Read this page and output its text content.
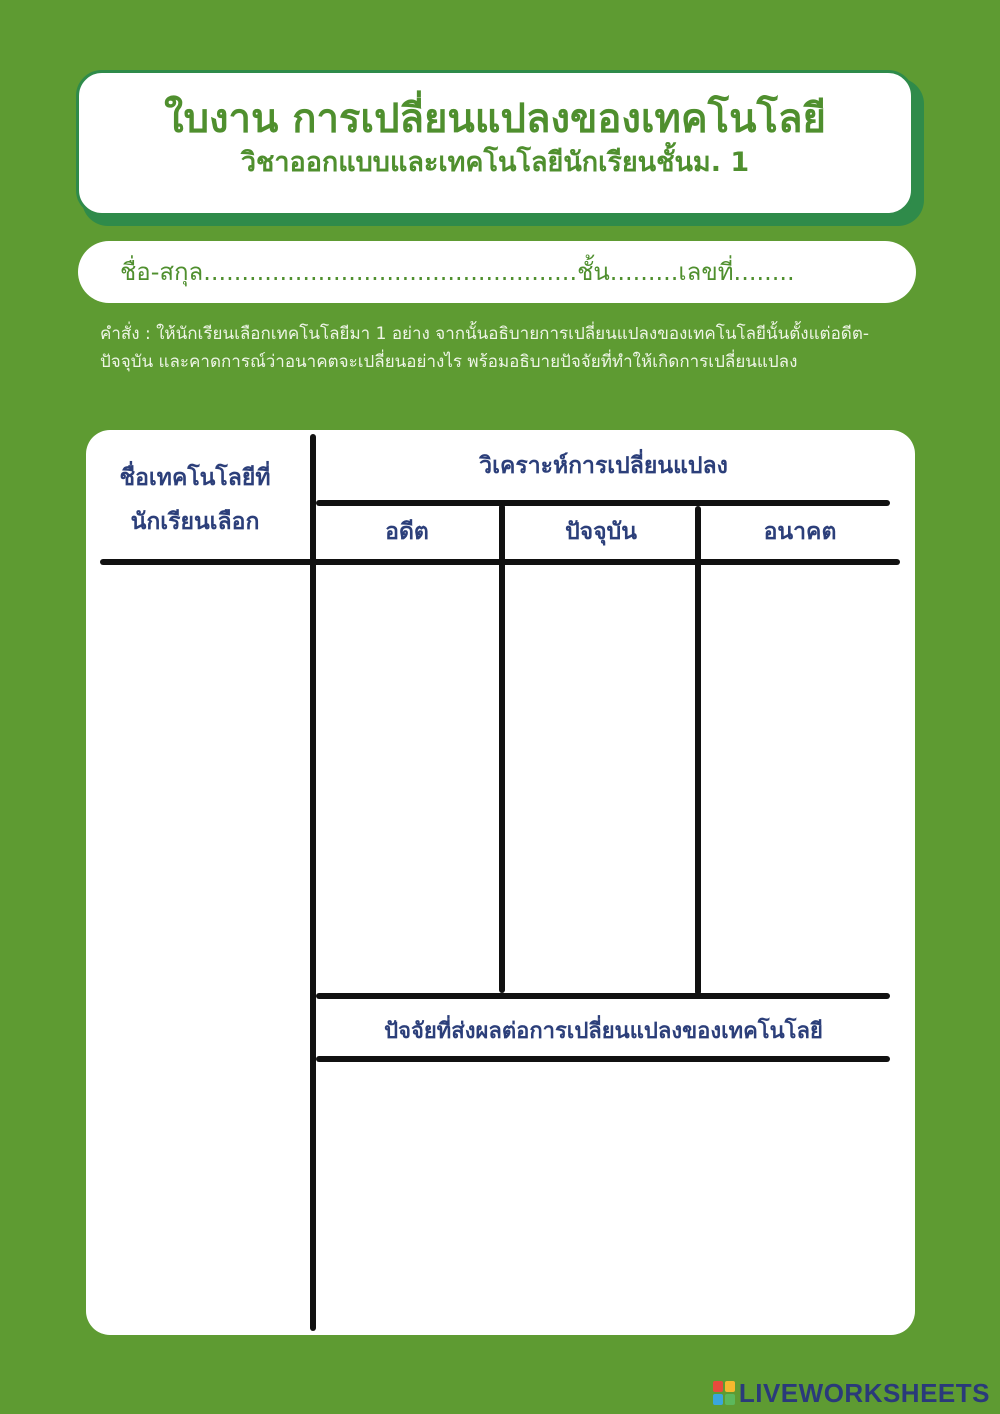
ใบงาน การเปลี่ยนแปลงของเทคโนโลยี
วิชาออกแบบและเทคโนโลยีนักเรียนชั้นม. 1
ชื่อ-สกุล.................................................ชั้น.........เลขที่........
คำสั่ง : ให้นักเรียนเลือกเทคโนโลยีมา 1 อย่าง จากนั้นอธิบายการเปลี่ยนแปลงของเทคโนโลยีนั้นตั้งแต่อดีต-ปัจจุบัน และคาดการณ์ว่าอนาคตจะเปลี่ยนอย่างไร พร้อมอธิบายปัจจัยที่ทำให้เกิดการเปลี่ยนแปลง
ชื่อเทคโนโลยีที่
นักเรียนเลือก
วิเคราะห์การเปลี่ยนแปลง
อดีต	ปัจจุบัน	อนาคต
ปัจจัยที่ส่งผลต่อการเปลี่ยนแปลงของเทคโนโลยี
LIVEWORKSHEETS
